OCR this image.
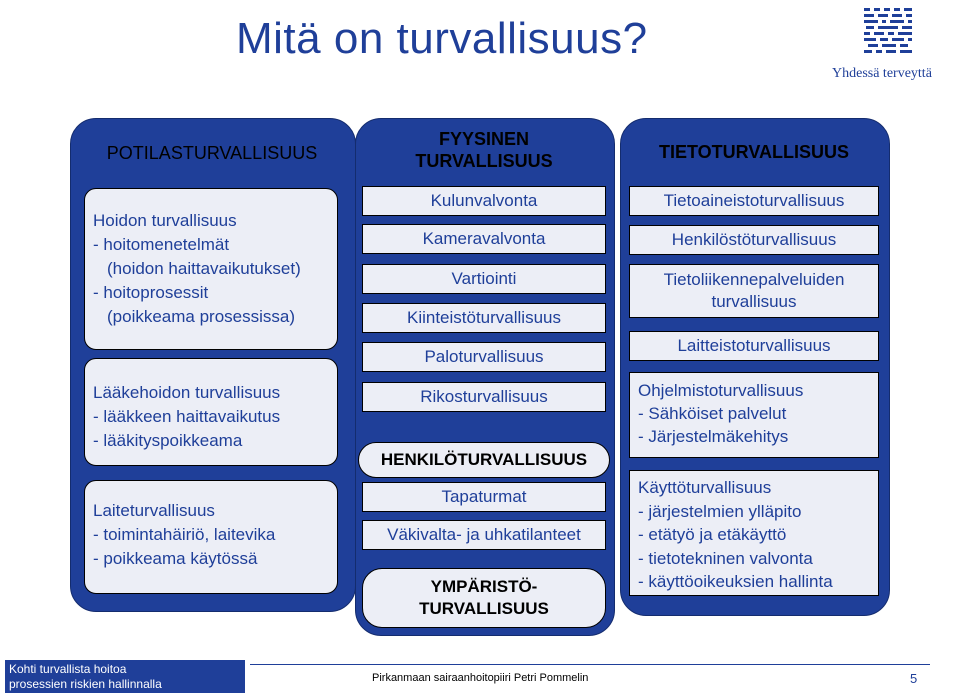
Mitä on turvallisuus?
Yhdessä terveyttä
POTILASTURVALLISUUS
Hoidon turvallisuus
- hoitomenetelmät
(hoidon haittavaikutukset)
- hoitoprosessit
(poikkeama prosessissa)
Lääkehoidon turvallisuus
- lääkkeen haittavaikutus
- lääkityspoikkeama
Laiteturvallisuus
- toimintahäiriö, laitevika
- poikkeama käytössä
FYYSINEN
TURVALLISUUS
Kulunvalvonta
Kameravalvonta
Vartiointi
Kiinteistöturvallisuus
Paloturvallisuus
Rikosturvallisuus
HENKILÖTURVALLISUUS
Tapaturmat
Väkivalta- ja uhkatilanteet
YMPÄRISTÖ-
TURVALLISUUS
TIETOTURVALLISUUS
Tietoaineistoturvallisuus
Henkilöstöturvallisuus
Tietoliikennepalveluiden
turvallisuus
Laitteistoturvallisuus
Ohjelmistoturvallisuus
- Sähköiset palvelut
- Järjestelmäkehitys
Käyttöturvallisuus
- järjestelmien ylläpito
- etätyö ja etäkäyttö
- tietotekninen valvonta
- käyttöoikeuksien hallinta
Kohti turvallista hoitoa
prosessien riskien hallinnalla	Pirkanmaan sairaanhoitopiiri Petri Pommelin	5
